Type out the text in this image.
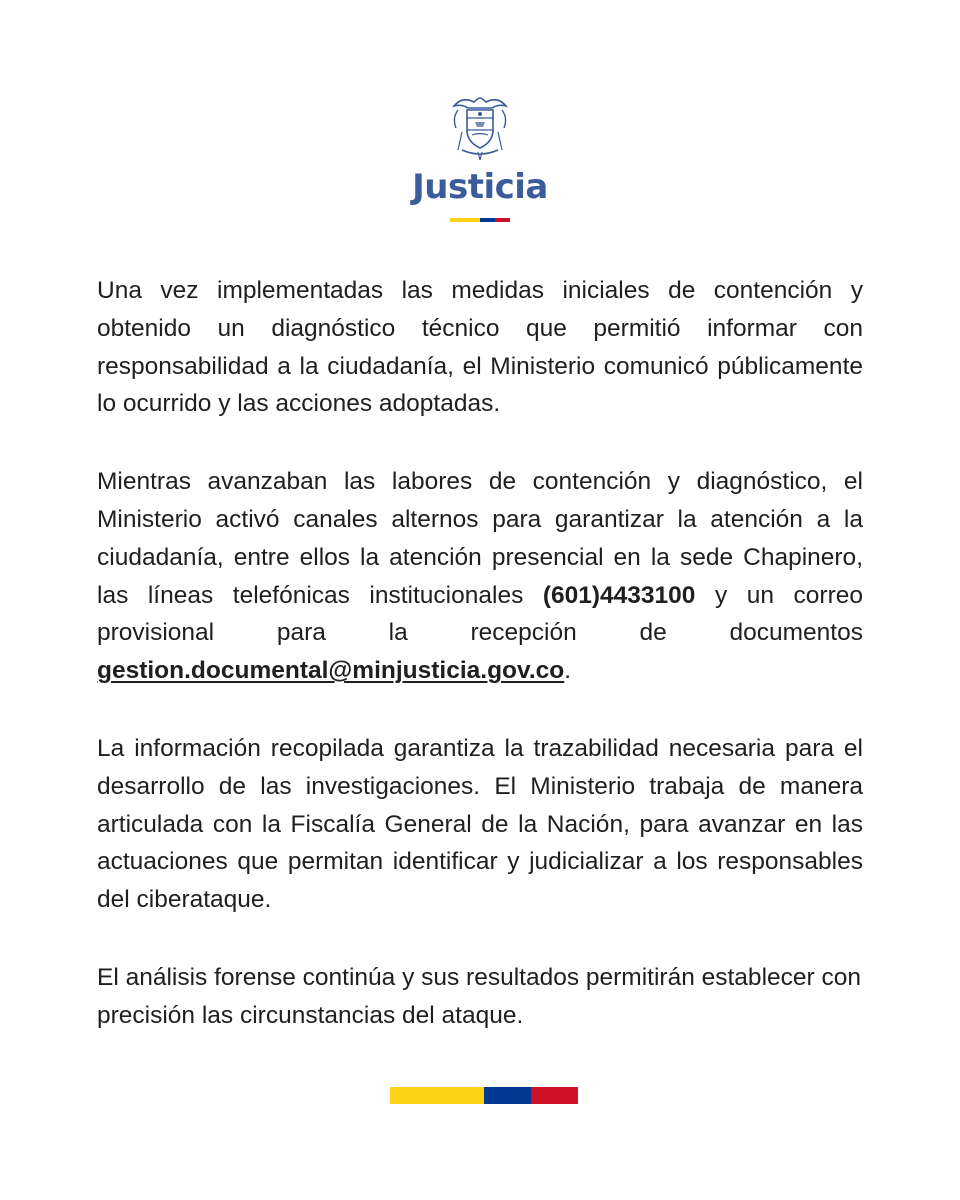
Justicia

Una vez implementadas las medidas iniciales de contención y obtenido un diagnóstico técnico que permitió informar con responsabilidad a la ciudadanía, el Ministerio comunicó públicamente lo ocurrido y las acciones adoptadas.

Mientras avanzaban las labores de contención y diagnóstico, el Ministerio activó canales alternos para garantizar la atención a la ciudadanía, entre ellos la atención presencial en la sede Chapinero, las líneas telefónicas institucionales (601)4433100 y un correo provisional para la recepción de documentos gestion.documental@minjusticia.gov.co.

La información recopilada garantiza la trazabilidad necesaria para el desarrollo de las investigaciones. El Ministerio trabaja de manera articulada con la Fiscalía General de la Nación, para avanzar en las actuaciones que permitan identificar y judicializar a los responsables del ciberataque.

El análisis forense continúa y sus resultados permitirán establecer con precisión las circunstancias del ataque.
